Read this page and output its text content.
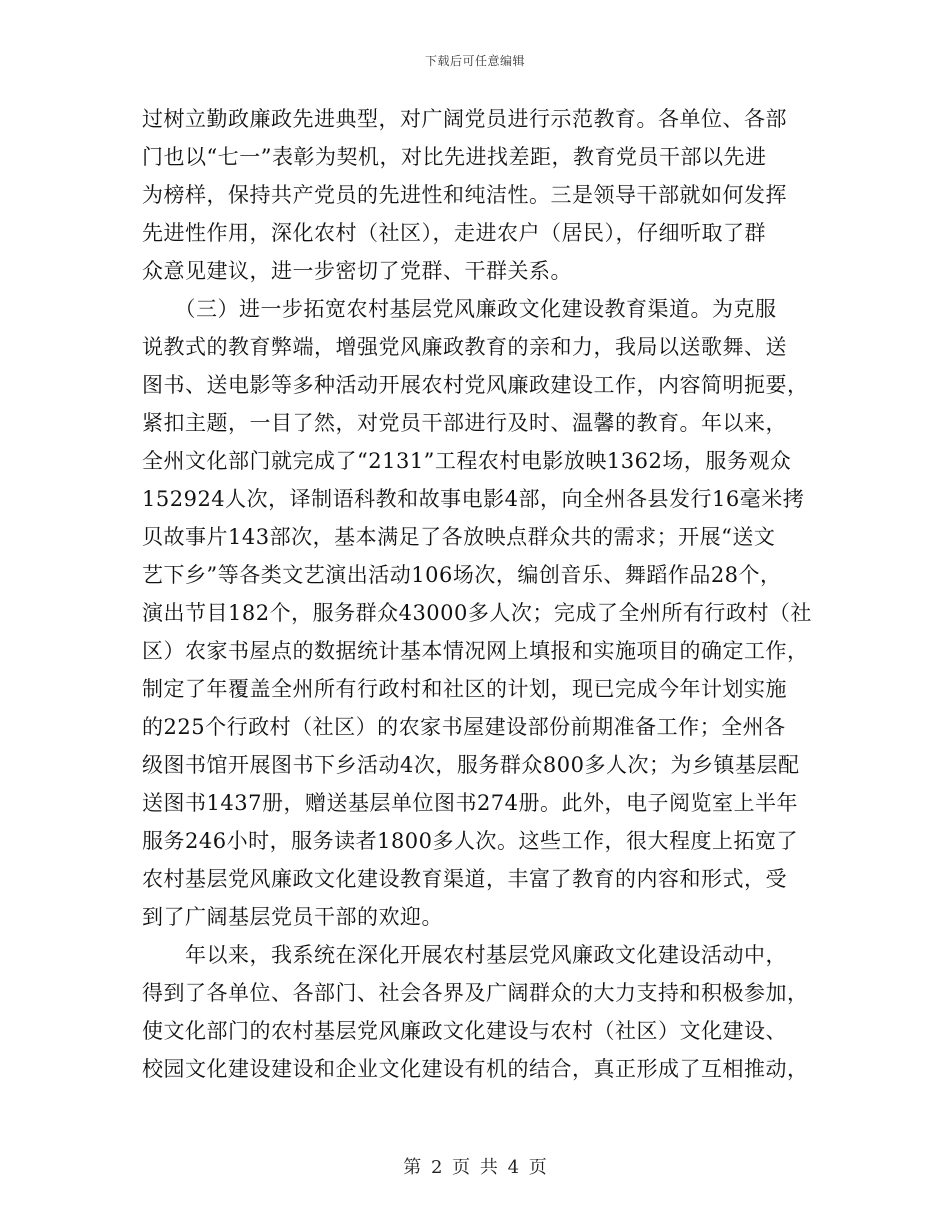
下载后可任意编辑
过树立勤政廉政先进典型，对广阔党员进行示范教育。各单位、各部
门也以“七一”表彰为契机，对比先进找差距，教育党员干部以先进
为榜样，保持共产党员的先进性和纯洁性。三是领导干部就如何发挥
先进性作用，深化农村（社区），走进农户（居民），仔细听取了群
众意见建议，进一步密切了党群、干群关系。
　　（三）进一步拓宽农村基层党风廉政文化建设教育渠道。为克服
说教式的教育弊端，增强党风廉政教育的亲和力，我局以送歌舞、送
图书、送电影等多种活动开展农村党风廉政建设工作，内容简明扼要，
紧扣主题，一目了然，对党员干部进行及时、温馨的教育。年以来，
全州文化部门就完成了“2131”工程农村电影放映1362场，服务观众
152924人次，译制语科教和故事电影4部，向全州各县发行16毫米拷
贝故事片143部次，基本满足了各放映点群众共的需求；开展“送文
艺下乡”等各类文艺演出活动106场次，编创音乐、舞蹈作品28个，
演出节目182个，服务群众43000多人次；完成了全州所有行政村（社
区）农家书屋点的数据统计基本情况网上填报和实施项目的确定工作，
制定了年覆盖全州所有行政村和社区的计划，现已完成今年计划实施
的225个行政村（社区）的农家书屋建设部份前期准备工作；全州各
级图书馆开展图书下乡活动4次，服务群众800多人次；为乡镇基层配
送图书1437册，赠送基层单位图书274册。此外，电子阅览室上半年
服务246小时，服务读者1800多人次。这些工作，很大程度上拓宽了
农村基层党风廉政文化建设教育渠道，丰富了教育的内容和形式，受
到了广阔基层党员干部的欢迎。
　　年以来，我系统在深化开展农村基层党风廉政文化建设活动中，
得到了各单位、各部门、社会各界及广阔群众的大力支持和积极参加，
使文化部门的农村基层党风廉政文化建设与农村（社区）文化建设、
校园文化建设建设和企业文化建设有机的结合，真正形成了互相推动，
第 2 页 共 4 页
